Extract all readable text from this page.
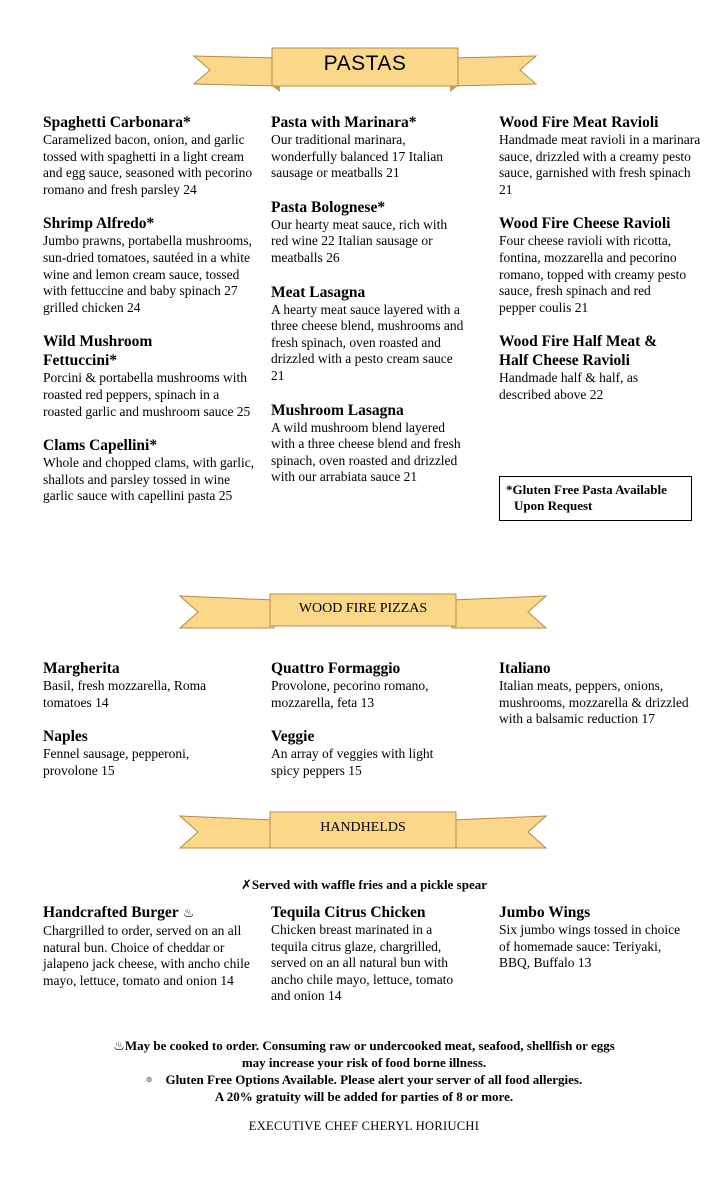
PASTAS
Spaghetti Carbonara*

Caramelized bacon, onion, and garlic tossed with spaghetti in a light cream and egg sauce, seasoned with pecorino romano and fresh parsley 24

Shrimp Alfredo*

Jumbo prawns, portabella mushrooms, sun-dried tomatoes, sautéed in a white wine and lemon cream sauce, tossed with fettuccine and baby spinach 27 grilled chicken 24

Wild Mushroom Fettuccini*

Porcini & portabella mushrooms with roasted red peppers, spinach in a roasted garlic and mushroom sauce 25

Clams Capellini*

Whole and chopped clams, with garlic, shallots and parsley tossed in wine garlic sauce with capellini pasta 25

Pasta with Marinara*

Our traditional marinara, wonderfully balanced 17 Italian sausage or meatballs 21

Pasta Bolognese*

Our hearty meat sauce, rich with red wine 22 Italian sausage or meatballs 26

Meat Lasagna

A hearty meat sauce layered with a three cheese blend, mushrooms and fresh spinach, oven roasted and drizzled with a pesto cream sauce 21

Mushroom Lasagna

A wild mushroom blend layered with a three cheese blend and fresh spinach, oven roasted and drizzled with our arrabiata sauce 21

Wood Fire Meat Ravioli

Handmade meat ravioli in a marinara sauce, drizzled with a creamy pesto sauce, garnished with fresh spinach 21

Wood Fire Cheese Ravioli

Four cheese ravioli with ricotta, fontina, mozzarella and pecorino romano, topped with creamy pesto sauce, fresh spinach and red pepper coulis 21

Wood Fire Half Meat & Half Cheese Ravioli

Handmade half & half, as described above 22

*Gluten Free Pasta Available
Upon Request
WOOD FIRE PIZZAS
Margherita

Basil, fresh mozzarella, Roma tomatoes 14

Naples

Fennel sausage, pepperoni, provolone 15

Quattro Formaggio

Provolone, pecorino romano, mozzarella, feta 13

Veggie

An array of veggies with light spicy peppers 15

Italiano

Italian meats, peppers, onions, mushrooms, mozzarella & drizzled with a balsamic reduction 17

HANDHELDS
✗Served with waffle fries and a pickle spear
Handcrafted Burger ♨

Chargrilled to order, served on an all natural bun. Choice of cheddar or jalapeno jack cheese, with ancho chile mayo, lettuce, tomato and onion 14

Tequila Citrus Chicken

Chicken breast marinated in a tequila citrus glaze, chargrilled, served on an all natural bun with ancho chile mayo, lettuce, tomato and onion 14

Jumbo Wings

Six jumbo wings tossed in choice of homemade sauce: Teriyaki, BBQ, Buffalo 13

♨May be cooked to order. Consuming raw or undercooked meat, seafood, shellfish or eggs
may increase your risk of food borne illness.
⊗ Gluten Free Options Available. Please alert your server of all food allergies.
A 20% gratuity will be added for parties of 8 or more.
EXECUTIVE CHEF CHERYL HORIUCHI
